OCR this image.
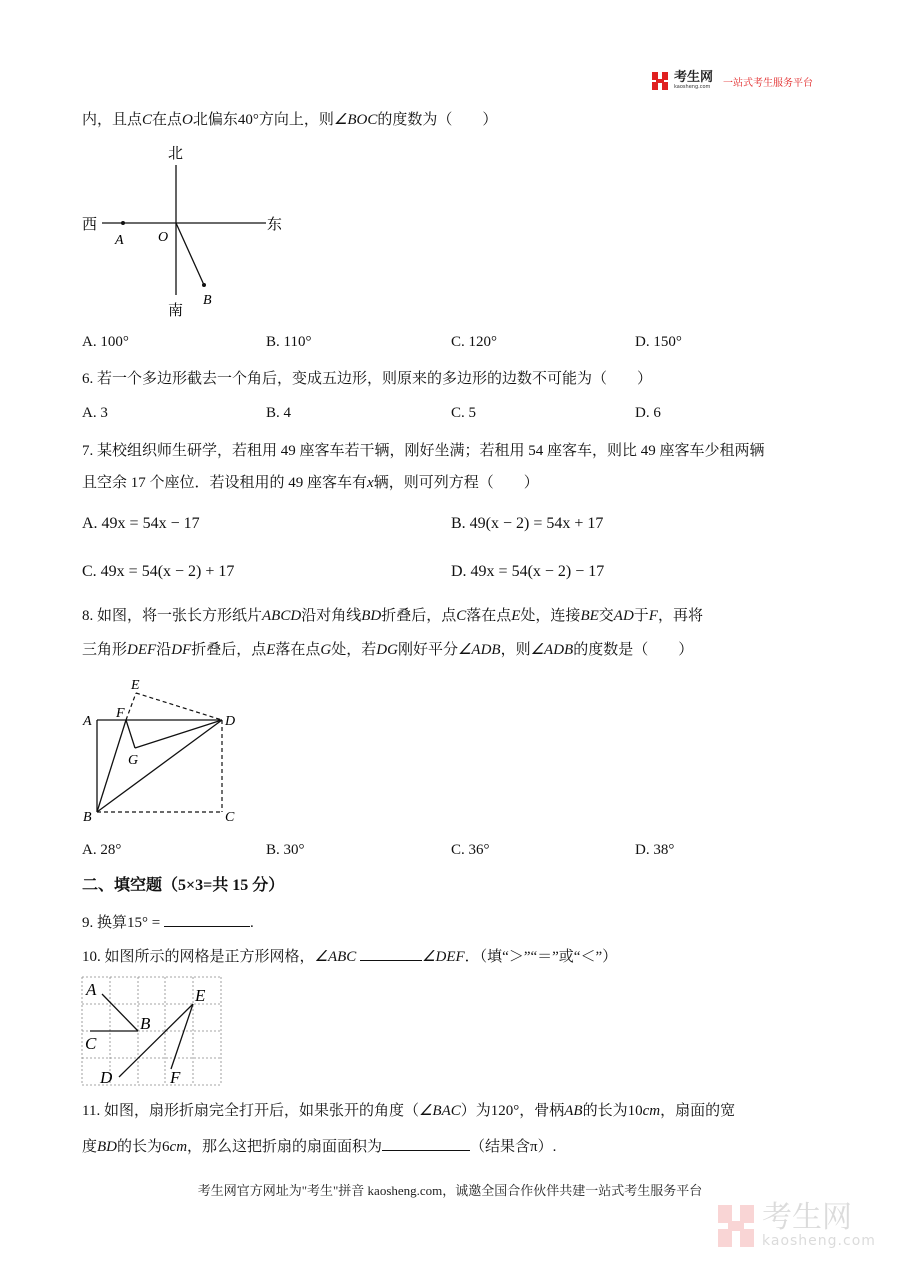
考生网
kaosheng.com 一站式考生服务平台
内，且点C在点O北偏东40°方向上，则∠BOC的度数为（　　）
北
南
西	东
A O
B
A. 100°	B. 110°	C. 120°	D. 150°
6. 若一个多边形截去一个角后，变成五边形，则原来的多边形的边数不可能为（　　）
A. 3	B. 4	C. 5	D. 6
7. 某校组织师生研学，若租用 49 座客车若干辆，刚好坐满；若租用 54 座客车，则比 49 座客车少租两辆
且空余 17 个座位．若设租用的 49 座客车有x辆，则可列方程（　　）
A. 49x = 54x − 17	B. 49(x − 2) = 54x + 17
C. 49x = 54(x − 2) + 17	D. 49x = 54(x − 2) − 17
8. 如图，将一张长方形纸片ABCD沿对角线BD折叠后，点C落在点E处，连接BE交AD于F，再将
三角形DEF沿DF折叠后，点E落在点G处，若DG刚好平分∠ADB，则∠ADB的度数是（　　）
A
F
E
D
G
B	C
A. 28°	B. 30°	C. 36°	D. 38°
二、填空题（5×3=共 15 分）
9. 换算15° =	.
10. 如图所示的网格是正方形网格，∠ABC	∠DEF．（填“＞”“＝”或“＜”）
A
B
C
D
E
F
11. 如图，扇形折扇完全打开后，如果张开的角度（∠BAC）为120°，骨柄AB的长为10cm，扇面的宽
度BD的长为6cm，那么这把折扇的扇面面积为	（结果含π）.
考生网官方网址为"考生"拼音 kaosheng.com，诚邀全国合作伙伴共建一站式考生服务平台
考生网
kaosheng.com
